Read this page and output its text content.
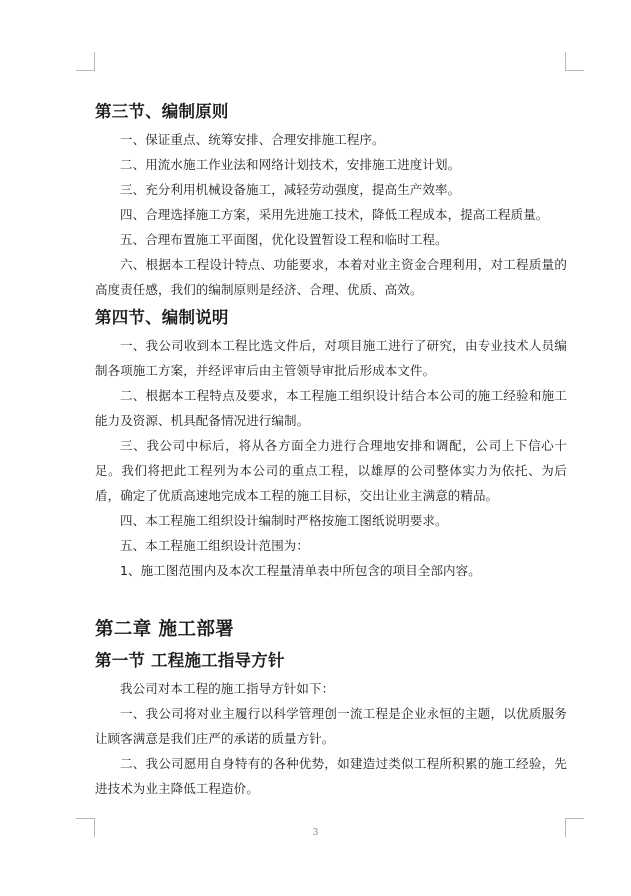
第三节、编制原则

一、保证重点、统筹安排、合理安排施工程序。

二、用流水施工作业法和网络计划技术，安排施工进度计划。

三、充分利用机械设备施工，减轻劳动强度，提高生产效率。

四、合理选择施工方案，采用先进施工技术，降低工程成本，提高工程质量。

五、合理布置施工平面图，优化设置暂设工程和临时工程。

六、根据本工程设计特点、功能要求，本着对业主资金合理利用，对工程质量的高度责任感，我们的编制原则是经济、合理、优质、高效。

第四节、编制说明

一、我公司收到本工程比选文件后，对项目施工进行了研究，由专业技术人员编制各项施工方案，并经评审后由主管领导审批后形成本文件。

二、根据本工程特点及要求，本工程施工组织设计结合本公司的施工经验和施工能力及资源、机具配备情况进行编制。

三、我公司中标后，将从各方面全力进行合理地安排和调配，公司上下信心十足。我们将把此工程列为本公司的重点工程，以雄厚的公司整体实力为依托、为后盾，确定了优质高速地完成本工程的施工目标，交出让业主满意的精品。

四、本工程施工组织设计编制时严格按施工图纸说明要求。

五、本工程施工组织设计范围为：

1、施工图范围内及本次工程量清单表中所包含的项目全部内容。

第二章 施工部署
第一节 工程施工指导方针

我公司对本工程的施工指导方针如下：

一、我公司将对业主履行以科学管理创一流工程是企业永恒的主题，以优质服务让顾客满意是我们庄严的承诺的质量方针。

二、我公司愿用自身特有的各种优势，如建造过类似工程所积累的施工经验，先进技术为业主降低工程造价。

3
